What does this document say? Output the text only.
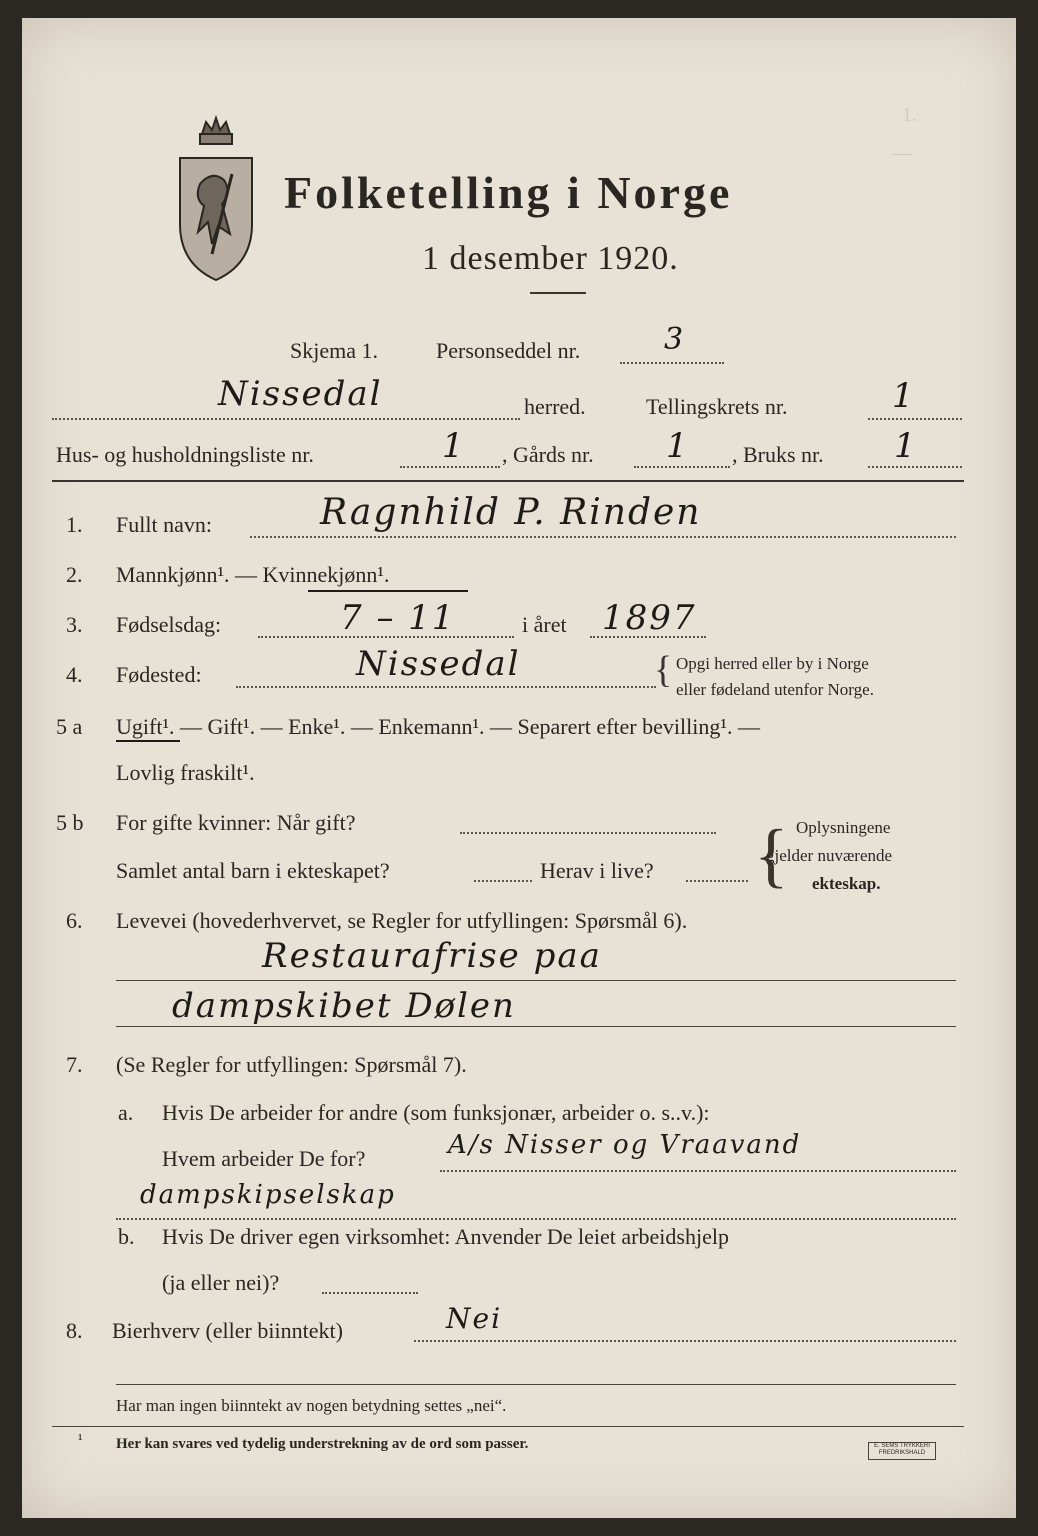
1.
—
Folketelling i Norge
1 desember 1920.
Skjema 1.	Personseddel nr.	3
Nissedal	herred.	Tellingskrets nr.	1
Hus- og husholdningsliste nr.	1 , Gårds nr. 1 , Bruks nr. 1
1. Fullt navn:	Ragnhild P. Rinden
2. Mannkjønn¹. — Kvinnekjønn¹.
3. Fødselsdag:	7 – 11	i året 1897
4. Fødested:	Nissedal	{ Opgi herred eller by i Norge
eller fødeland utenfor Norge.
5 a Ugift¹. — Gift¹. — Enke¹. — Enkemann¹. — Separert efter bevilling¹. —
Lovlig fraskilt¹.
5 b For gifte kvinner: Når gift?
Samlet antal barn i ekteskapet?	Herav i live? { Oplysningene
gjelder nuværende
ekteskap.
6. Levevei (hovederhvervet, se Regler for utfyllingen: Spørsmål 6).
Restaurafrise paa
dampskibet Dølen
7. (Se Regler for utfyllingen: Spørsmål 7).
a. Hvis De arbeider for andre (som funksjonær, arbeider o. s..v.):
Hvem arbeider De for?	A/s Nisser og Vraavand
dampskipselskap
b. Hvis De driver egen virksomhet: Anvender De leiet arbeidshjelp
(ja eller nei)?
8. Bierhverv (eller biinntekt)	Nei
Har man ingen biinntekt av nogen betydning settes „nei“.
¹ Her kan svares ved tydelig understrekning av de ord som passer.	E. SEMS TRYKKERI
FREDRIKSHALD
